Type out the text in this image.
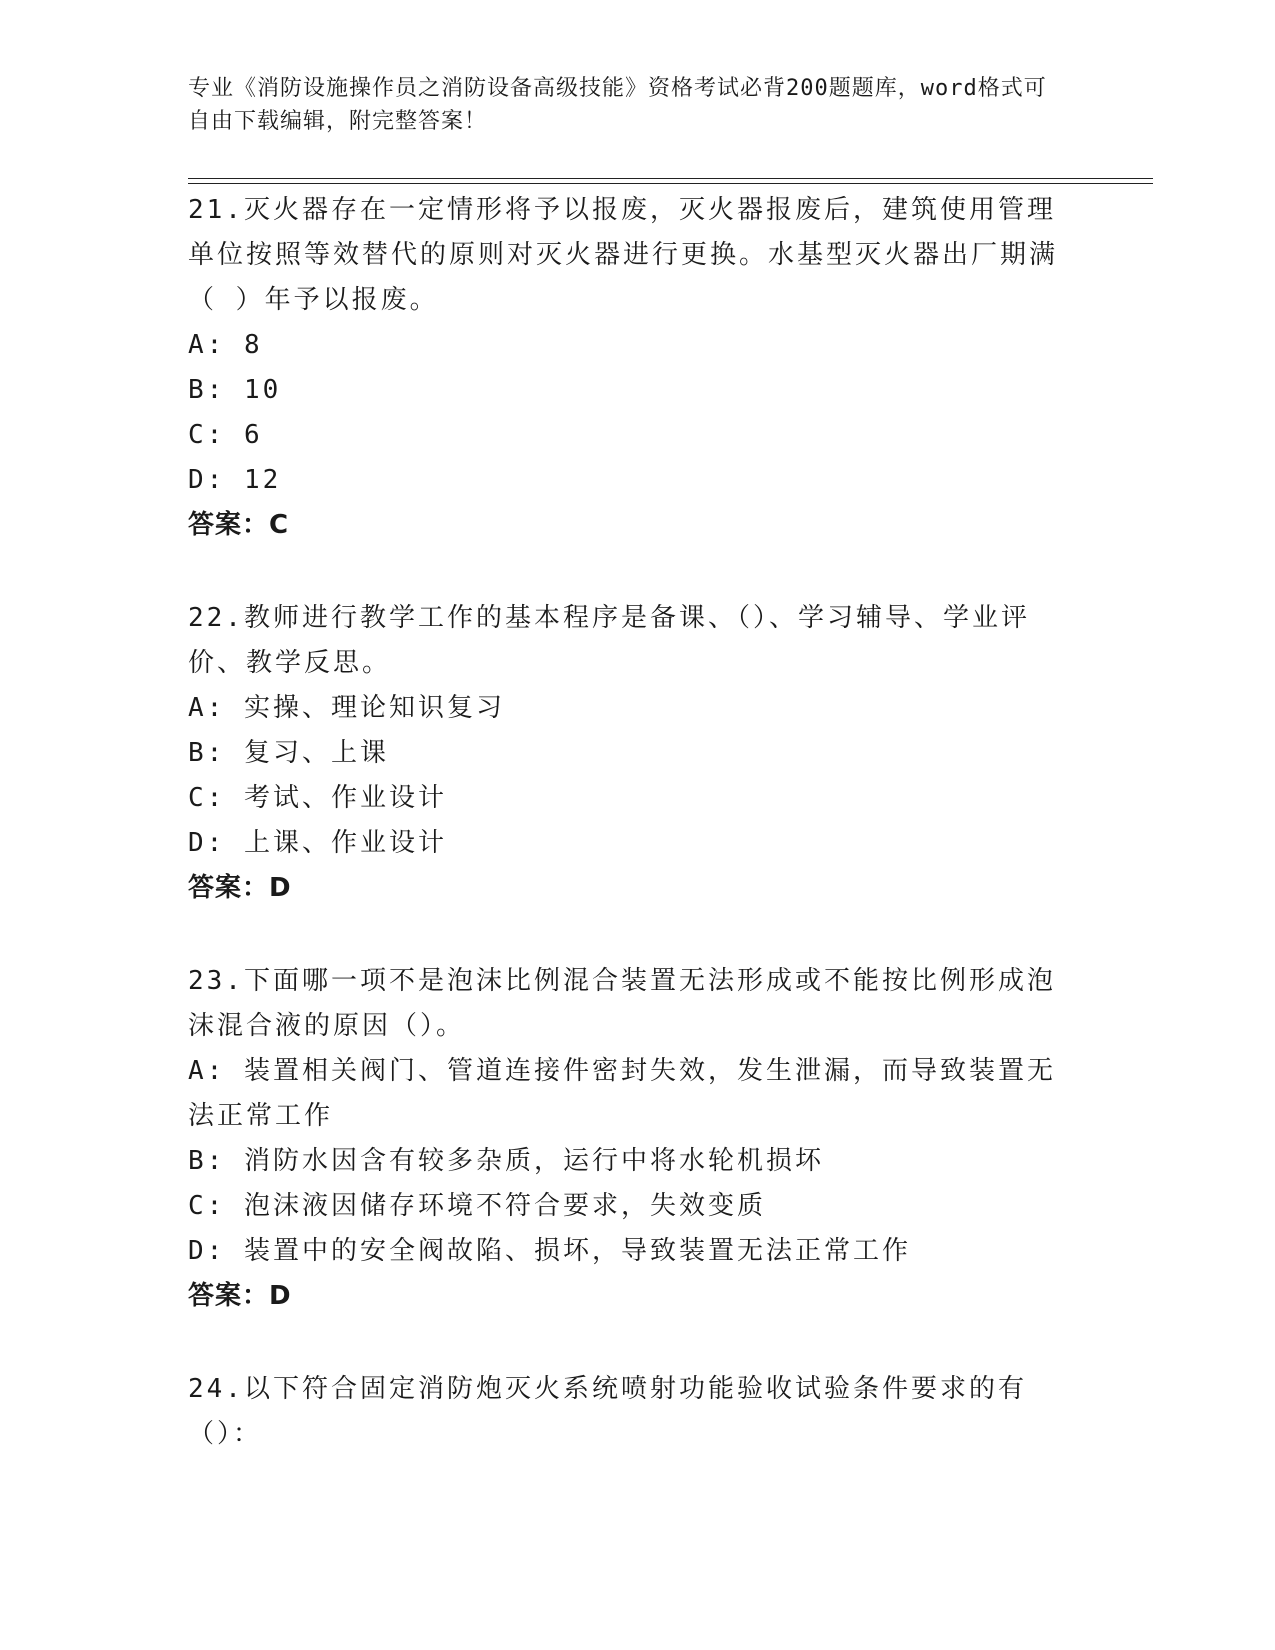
专业《消防设施操作员之消防设备高级技能》资格考试必背200题题库，word格式可自由下载编辑，附完整答案！

21.灭火器存在一定情形将予以报废，灭火器报废后，建筑使用管理单位按照等效替代的原则对灭火器进行更换。水基型灭火器出厂期满（ ）年予以报废。

A: 8

B: 10

C: 6

D: 12

答案：C

22.教师进行教学工作的基本程序是备课、（）、学习辅导、学业评价、教学反思。

A: 实操、理论知识复习

B: 复习、上课

C: 考试、作业设计

D: 上课、作业设计

答案：D

23.下面哪一项不是泡沫比例混合装置无法形成或不能按比例形成泡沫混合液的原因（）。

A: 装置相关阀门、管道连接件密封失效，发生泄漏，而导致装置无法正常工作

B: 消防水因含有较多杂质，运行中将水轮机损坏

C: 泡沫液因储存环境不符合要求，失效变质

D: 装置中的安全阀故陷、损坏，导致装置无法正常工作

答案：D

24.以下符合固定消防炮灭火系统喷射功能验收试验条件要求的有（）：
